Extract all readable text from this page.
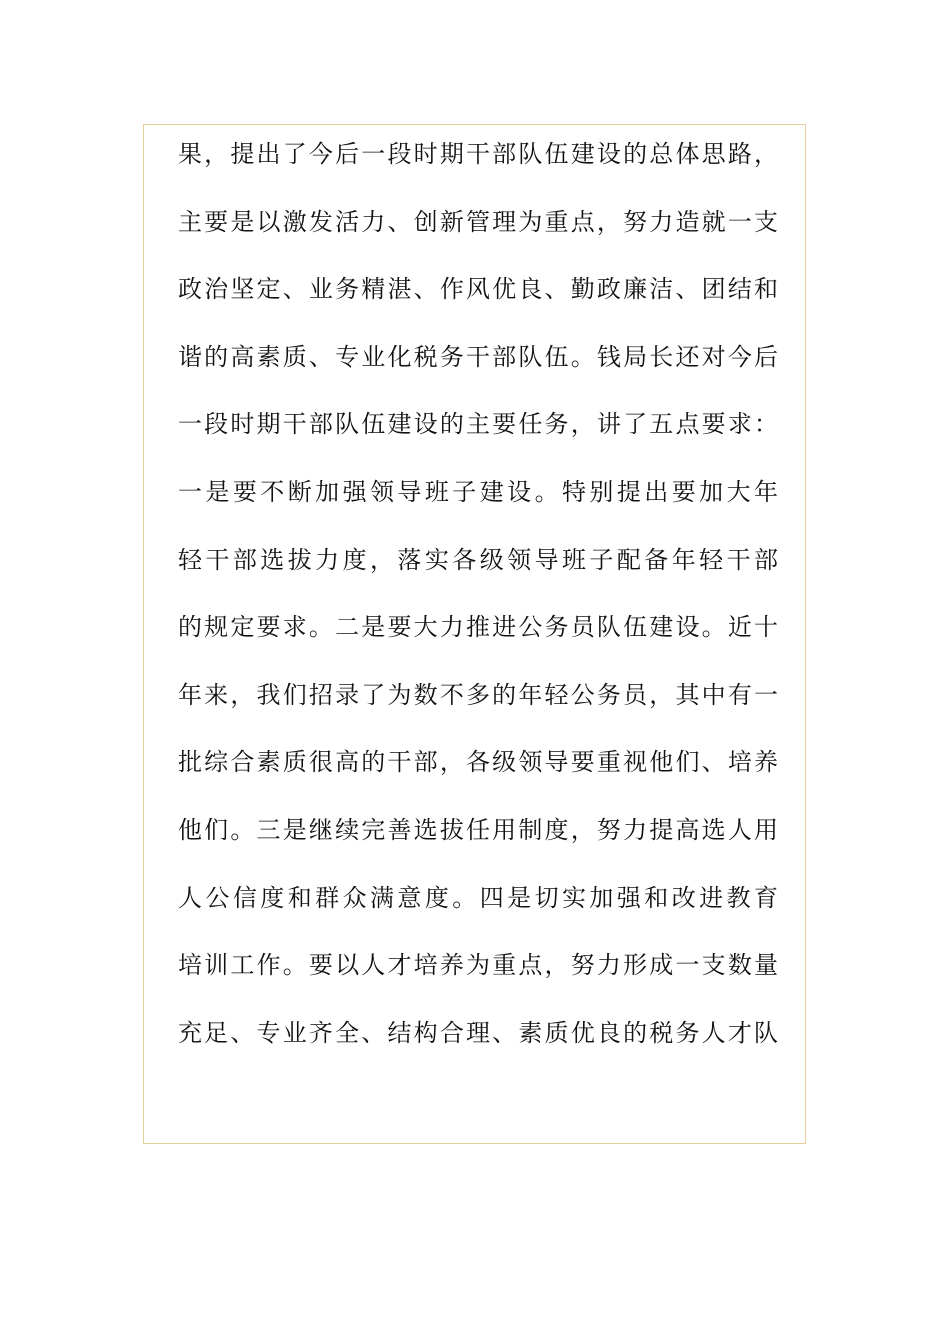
果，提出了今后一段时期干部队伍建设的总体思路，
主要是以激发活力、创新管理为重点，努力造就一支
政治坚定、业务精湛、作风优良、勤政廉洁、团结和
谐的高素质、专业化税务干部队伍。钱局长还对今后
一段时期干部队伍建设的主要任务，讲了五点要求：
一是要不断加强领导班子建设。特别提出要加大年
轻干部选拔力度，落实各级领导班子配备年轻干部
的规定要求。二是要大力推进公务员队伍建设。近十
年来，我们招录了为数不多的年轻公务员，其中有一
批综合素质很高的干部，各级领导要重视他们、培养
他们。三是继续完善选拔任用制度，努力提高选人用
人公信度和群众满意度。四是切实加强和改进教育
培训工作。要以人才培养为重点，努力形成一支数量
充足、专业齐全、结构合理、素质优良的税务人才队
